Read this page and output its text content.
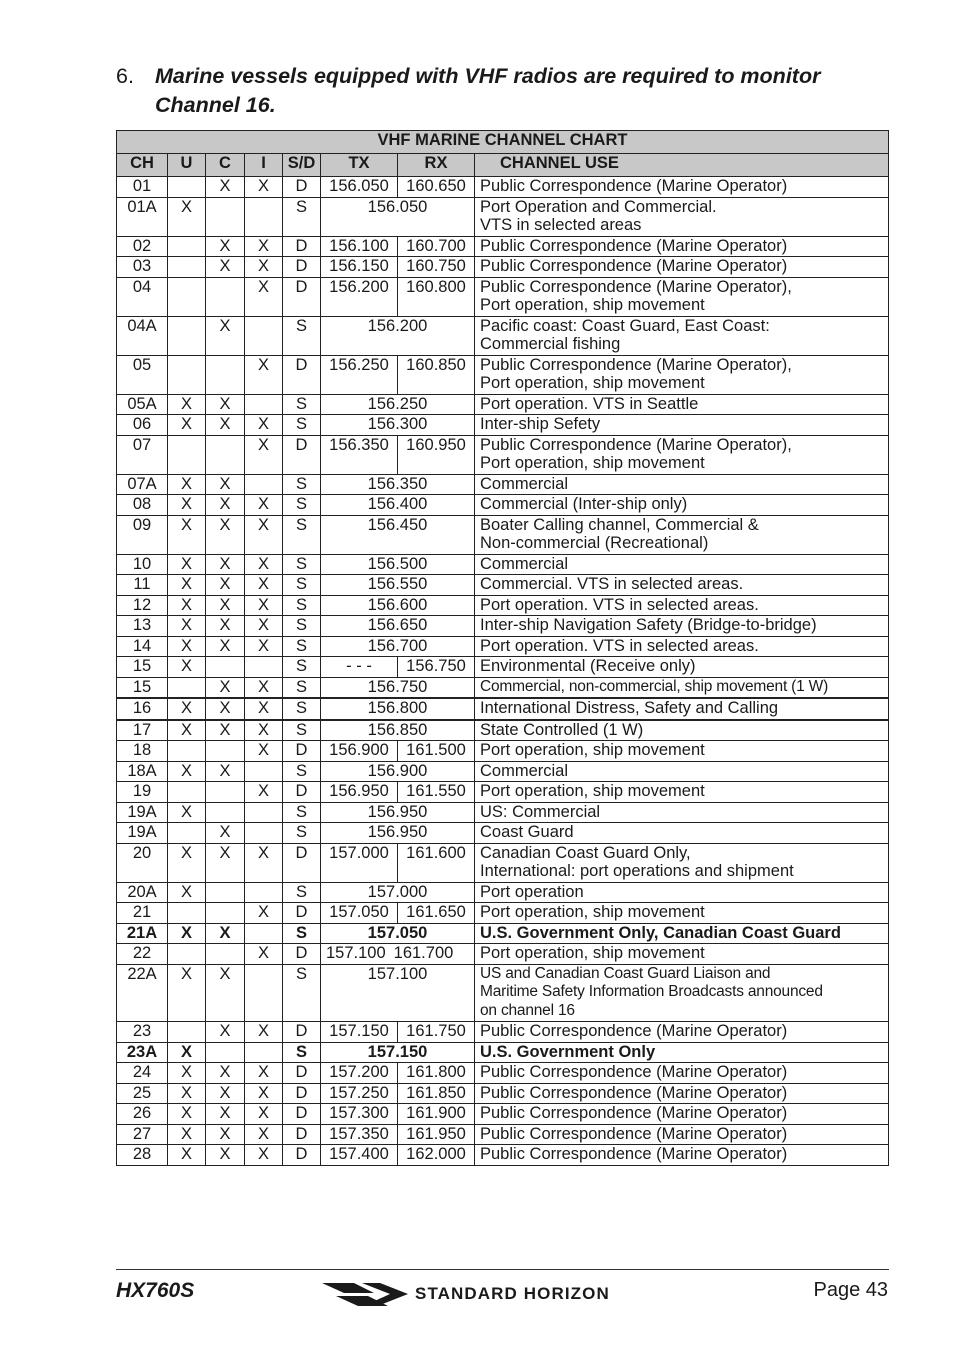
6. Marine vessels equipped with VHF radios are required to monitor Channel 16.
VHF MARINE CHANNEL CHART							
CH	U	C	I	S/D	TX	RX	CHANNEL USE
01		X	X	D	156.050	160.650	Public Correspondence (Marine Operator)

01A	X			S	156.050		Port Operation and Commercial.
VTS in selected areas

02		X	X	D	156.100	160.700	Public Correspondence (Marine Operator)

03		X	X	D	156.150	160.750	Public Correspondence (Marine Operator)

04			X	D	156.200	160.800	Public Correspondence (Marine Operator),
Port operation, ship movement

04A		X		S	156.200		Pacific coast: Coast Guard, East Coast:
Commercial fishing

05			X	D	156.250	160.850	Public Correspondence (Marine Operator),
Port operation, ship movement

05A	X	X		S	156.250		Port operation. VTS in Seattle

06	X	X	X	S	156.300		Inter-ship Sefety

07			X	D	156.350	160.950	Public Correspondence (Marine Operator),
Port operation, ship movement

07A	X	X		S	156.350		Commercial

08	X	X	X	S	156.400		Commercial (Inter-ship only)

09	X	X	X	S	156.450		Boater Calling channel, Commercial &
Non-commercial (Recreational)

10	X	X	X	S	156.500		Commercial

11	X	X	X	S	156.550		Commercial. VTS in selected areas.

12	X	X	X	S	156.600		Port operation. VTS in selected areas.

13	X	X	X	S	156.650		Inter-ship Navigation Safety (Bridge-to-bridge)

14	X	X	X	S	156.700		Port operation. VTS in selected areas.

15	X			S	- - -	156.750	Environmental (Receive only)

15		X	X	S	156.750		Commercial, non-commercial, ship movement (1 W)

16	X	X	X	S	156.800		International Distress, Safety and Calling

17	X	X	X	S	156.850		State Controlled (1 W)

18			X	D	156.900	161.500	Port operation, ship movement

18A	X	X		S	156.900		Commercial

19			X	D	156.950	161.550	Port operation, ship movement

19A	X			S	156.950		US: Commercial

19A		X		S	156.950		Coast Guard

20	X	X	X	D	157.000	161.600	Canadian Coast Guard Only,
International: port operations and shipment

20A	X			S	157.000		Port operation

21			X	D	157.050	161.650	Port operation, ship movement

21A	X	X		S	157.050		U.S. Government Only, Canadian Coast Guard

22			X	D	157.100 161.700		Port operation, ship movement

22A	X	X		S	157.100		US and Canadian Coast Guard Liaison and
Maritime Safety Information Broadcasts announced
on channel 16

23		X	X	D	157.150	161.750	Public Correspondence (Marine Operator)

23A	X			S	157.150		U.S. Government Only

24	X	X	X	D	157.200	161.800	Public Correspondence (Marine Operator)

25	X	X	X	D	157.250	161.850	Public Correspondence (Marine Operator)

26	X	X	X	D	157.300	161.900	Public Correspondence (Marine Operator)

27	X	X	X	D	157.350	161.950	Public Correspondence (Marine Operator)

28	X	X	X	D	157.400	162.000	Public Correspondence (Marine Operator)
HX760S	STANDARD HORIZON	Page 43
